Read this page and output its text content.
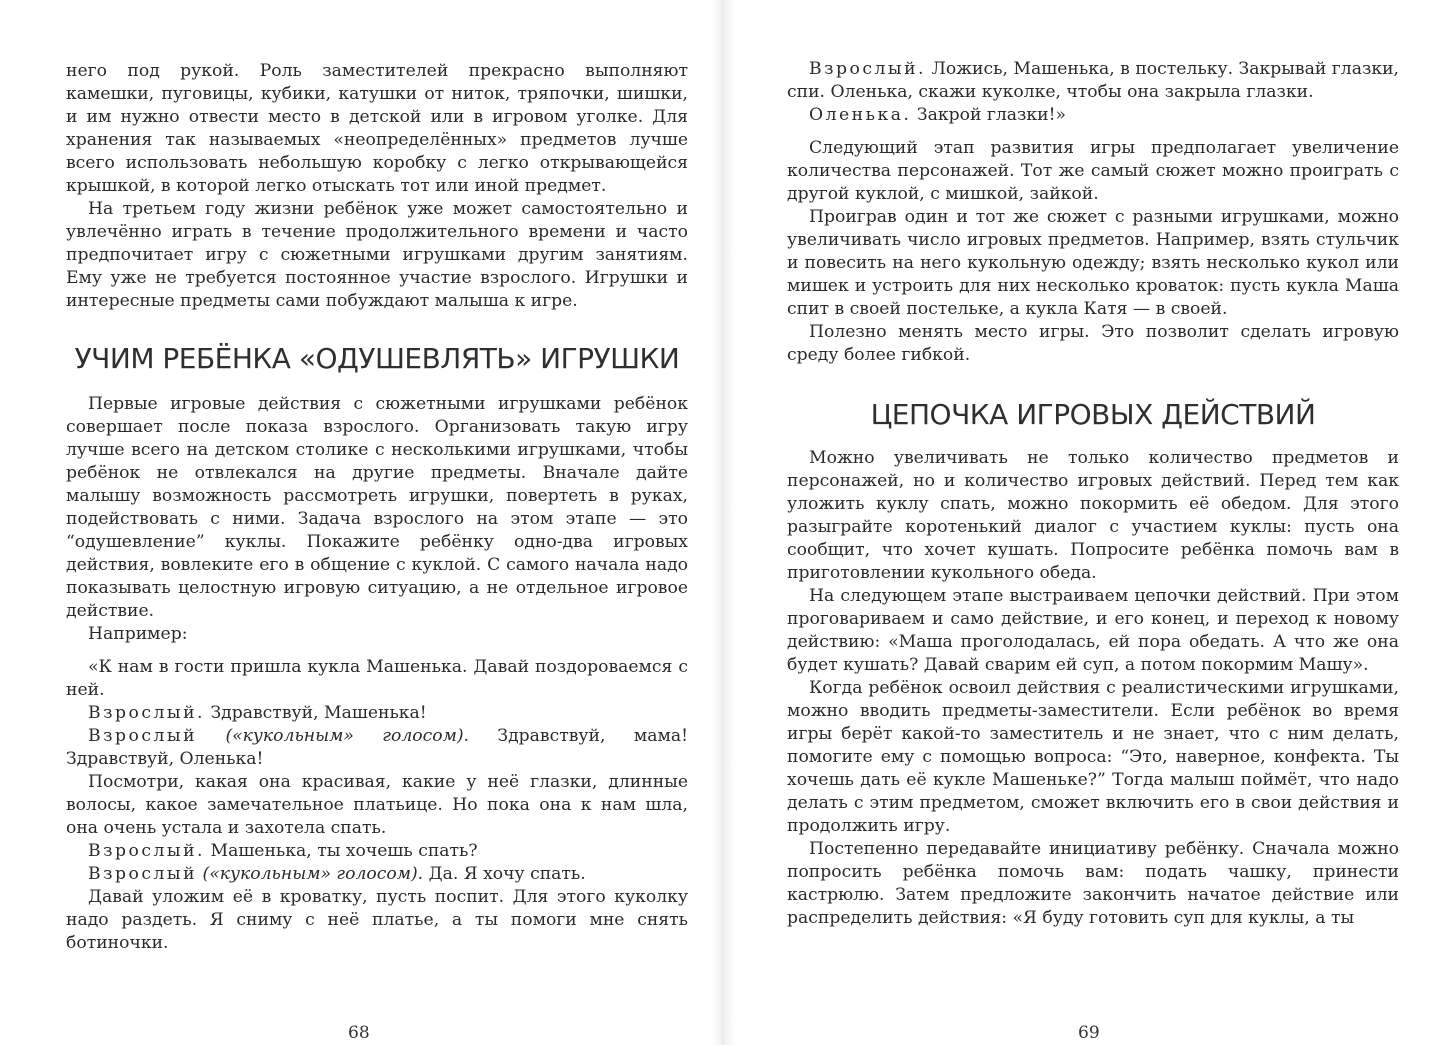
него под рукой. Роль заместителей прекрасно выполняют камешки, пуговицы, кубики, катушки от ниток, тряпочки, шишки, и им нужно отвести место в детской или в игровом уголке. Для хранения так называемых «неопределённых» предметов лучше всего использовать небольшую коробку с легко открывающейся крышкой, в которой легко отыскать тот или иной предмет.

На третьем году жизни ребёнок уже может самостоятельно и увлечённо играть в течение продолжительного времени и часто предпочитает игру с сюжетными игрушками другим занятиям. Ему уже не требуется постоянное участие взрослого. Игрушки и интересные предметы сами побуждают малыша к игре.

УЧИМ РЕБЁНКА «ОДУШЕВЛЯТЬ» ИГРУШКИ

Первые игровые действия с сюжетными игрушками ребёнок совершает после показа взрослого. Организовать такую игру лучше всего на детском столике с несколькими игрушками, чтобы ребёнок не отвлекался на другие предметы. Вначале дайте малышу возможность рассмотреть игрушки, повертеть в руках, подействовать с ними. Задача взрослого на этом этапе — это “одушевление” куклы. Покажите ребёнку одно-два игровых действия, вовлеките его в общение с куклой. С самого начала надо показывать целостную игровую ситуацию, а не отдельное игровое действие.

Например:

«К нам в гости пришла кукла Машенька. Давай поздороваемся с ней.

Взрослый. Здравствуй, Машенька!

Взрослый («кукольным» голосом). Здравствуй, мама! Здравствуй, Оленька!

Посмотри, какая она красивая, какие у неё глазки, длинные волосы, какое замечательное платьице. Но пока она к нам шла, она очень устала и захотела спать.

Взрослый. Машенька, ты хочешь спать?

Взрослый («кукольным» голосом). Да. Я хочу спать.

Давай уложим её в кроватку, пусть поспит. Для этого куколку надо раздеть. Я сниму с неё платье, а ты помоги мне снять ботиночки.

68

Взрослый. Ложись, Машенька, в постельку. Закрывай глазки, спи. Оленька, скажи куколке, чтобы она закрыла глазки.

Оленька. Закрой глазки!»

Следующий этап развития игры предполагает увеличение количества персонажей. Тот же самый сюжет можно проиграть с другой куклой, с мишкой, зайкой.

Проиграв один и тот же сюжет с разными игрушками, можно увеличивать число игровых предметов. Например, взять стульчик и повесить на него кукольную одежду; взять несколько кукол или мишек и устроить для них несколько кроваток: пусть кукла Маша спит в своей постельке, а кукла Катя — в своей.

Полезно менять место игры. Это позволит сделать игровую среду более гибкой.

ЦЕПОЧКА ИГРОВЫХ ДЕЙСТВИЙ

Можно увеличивать не только количество предметов и персонажей, но и количество игровых действий. Перед тем как уложить куклу спать, можно покормить её обедом. Для этого разыграйте коротенький диалог с участием куклы: пусть она сообщит, что хочет кушать. Попросите ребёнка помочь вам в приготовлении кукольного обеда.

На следующем этапе выстраиваем цепочки действий. При этом проговариваем и само действие, и его конец, и переход к новому действию: «Маша проголодалась, ей пора обедать. А что же она будет кушать? Давай сварим ей суп, а потом покормим Машу».

Когда ребёнок освоил действия с реалистическими игрушками, можно вводить предметы-заместители. Если ребёнок во время игры берёт какой-то заместитель и не знает, что с ним делать, помогите ему с помощью вопроса: “Это, наверное, конфекта. Ты хочешь дать её кукле Машеньке?” Тогда малыш поймёт, что надо делать с этим предметом, сможет включить его в свои действия и продолжить игру.

Постепенно передавайте инициативу ребёнку. Сначала можно попросить ребёнка помочь вам: подать чашку, принести кастрюлю. Затем предложите закончить начатое действие или распределить действия: «Я буду готовить суп для куклы, а ты

69
